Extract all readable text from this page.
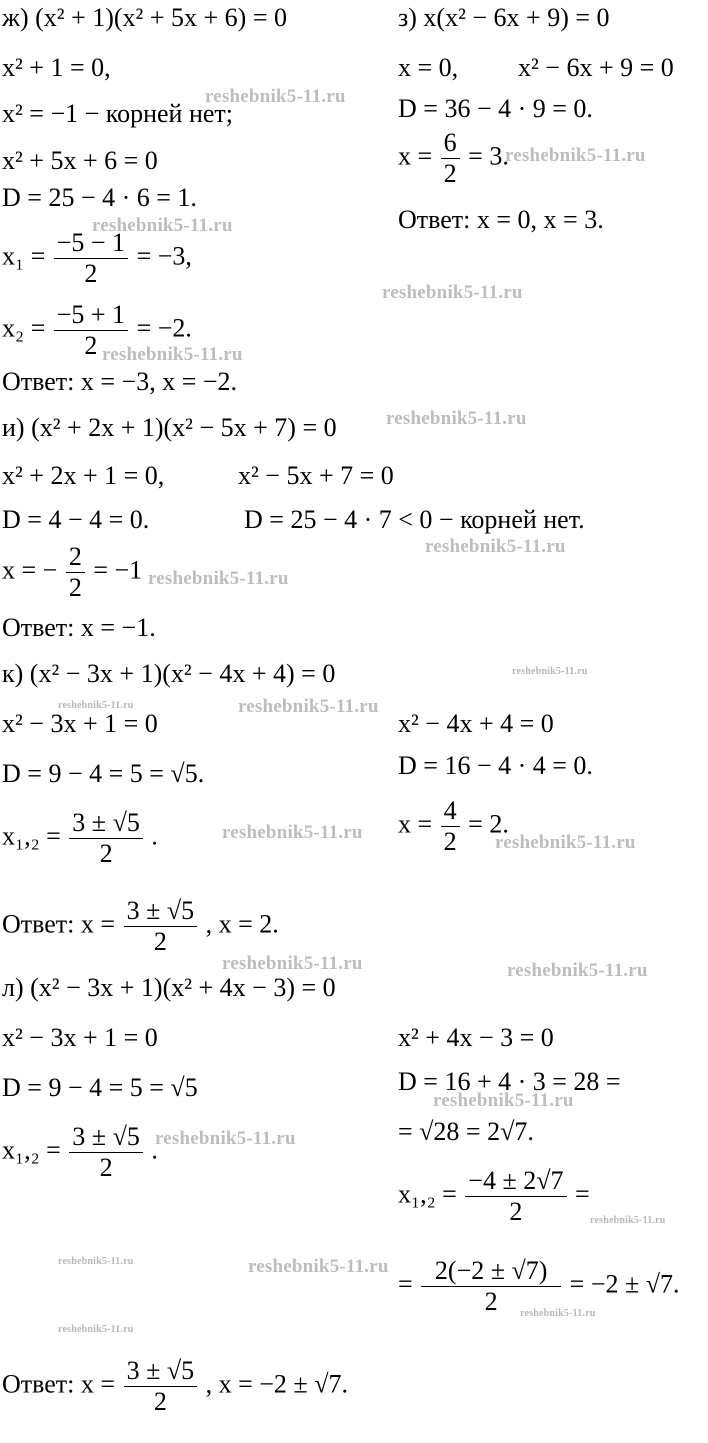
ж) (x² + 1)(x² + 5x + 6) = 0
x² + 1 = 0,
x² = −1 − корней нет;
x² + 5x + 6 = 0
D = 25 − 4 · 6 = 1.
$x_1 = \frac{-5 - 1}{2} = -3$,
$x_2 = \frac{-5 + 1}{2} = -2$.
Ответ: x = −3, x = −2.
з) x(x² − 6x + 9) = 0
x = 0, x² − 6x + 9 = 0
D = 36 − 4 · 9 = 0.
$x = \frac{6}{2} = 3$.
Ответ: x = 0, x = 3.
и) (x² + 2x + 1)(x² − 5x + 7) = 0
x² + 2x + 1 = 0,	x² − 5x + 7 = 0
D = 4 − 4 = 0.	D = 25 − 4 · 7 < 0 − корней нет.
x = − $\frac{2}{2} = -1$
Ответ: x = −1.
к) (x² − 3x + 1)(x² − 4x + 4) = 0
x² − 3x + 1 = 0	x² − 4x + 4 = 0
D = 9 − 4 = 5 = √5.	D = 16 − 4 · 4 = 0.
$x_1,_2 = \frac{3 \pm √5}{2}$ .	$x = \frac{4}{2} = 2$.
Ответ: $x = \frac{3 \pm √5}{2}$ , x = 2.
л) (x² − 3x + 1)(x² + 4x − 3) = 0
x² − 3x + 1 = 0	x² + 4x − 3 = 0
D = 9 − 4 = 5 = √5	D = 16 + 4 · 3 = 28 =
= √28 = 2√7.
$x_1,_2 = \frac{3 \pm √5}{2}$ .
$x_1,_2 = \frac{-4 \pm 2√7}{2}$ =
= $\frac{2(-2 \pm √7)}{2} = -2 \pm √7$.
Ответ: $x = \frac{3 \pm √5}{2}$ , x = −2 ± √7.
reshebnik5-11.ru
reshebnik5-11.ru
reshebnik5-11.ru
reshebnik5-11.ru
reshebnik5-11.ru
reshebnik5-11.ru
reshebnik5-11.ru
reshebnik5-11.ru
reshebnik5-11.ru
reshebnik5-11.ru	reshebnik5-11.ru
reshebnik5-11.ru	reshebnik5-11.ru
reshebnik5-11.ru	reshebnik5-11.ru
reshebnik5-11.ru
reshebnik5-11.ru
reshebnik5-11.ru
reshebnik5-11.ru	reshebnik5-11.ru
reshebnik5-11.ru
reshebnik5-11.ru
